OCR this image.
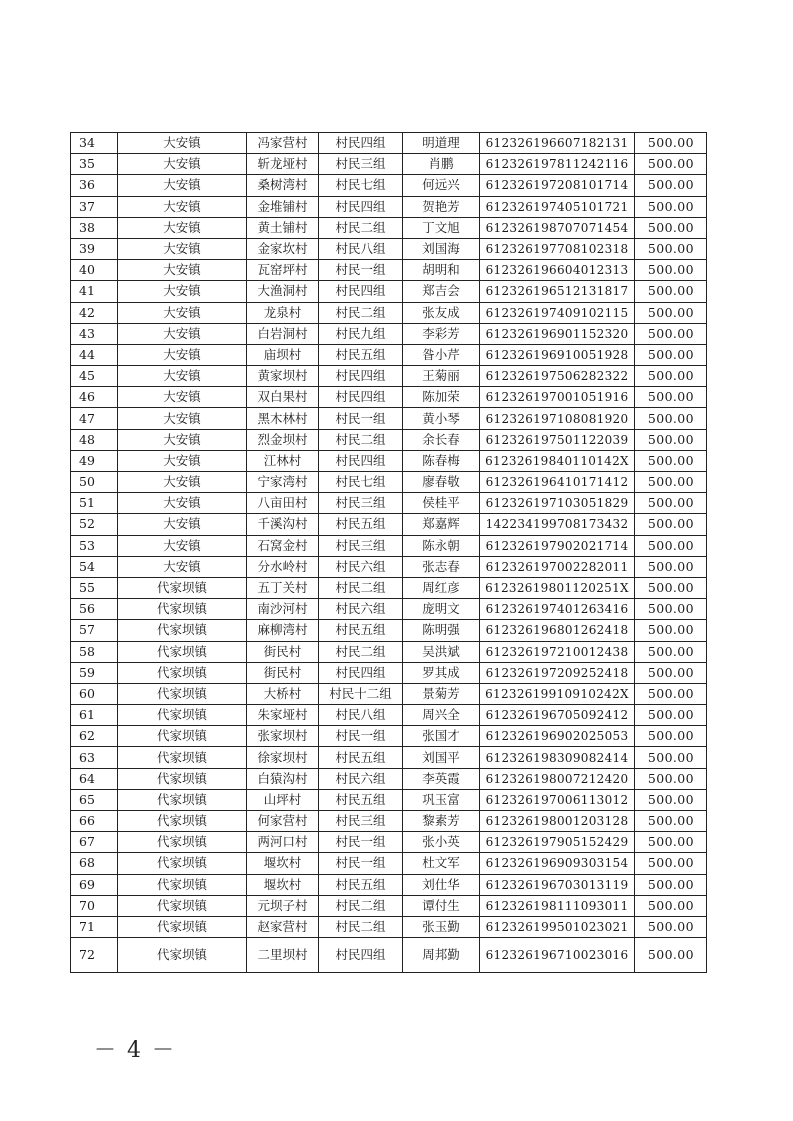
34	大安镇	冯家营村	村民四组	明道理	612326196607182131	500.00
35	大安镇	斩龙垭村	村民三组	肖鹏	612326197811242116	500.00
36	大安镇	桑树湾村	村民七组	何远兴	612326197208101714	500.00
37	大安镇	金堆铺村	村民四组	贺艳芳	612326197405101721	500.00
38	大安镇	黄土铺村	村民二组	丁文旭	612326198707071454	500.00
39	大安镇	金家坎村	村民八组	刘国海	612326197708102318	500.00
40	大安镇	瓦窑坪村	村民一组	胡明和	612326196604012313	500.00
41	大安镇	大渔洞村	村民四组	郑吉会	612326196512131817	500.00
42	大安镇	龙泉村	村民二组	张友成	612326197409102115	500.00
43	大安镇	白岩洞村	村民九组	李彩芳	612326196901152320	500.00
44	大安镇	庙坝村	村民五组	昝小芹	612326196910051928	500.00
45	大安镇	黄家坝村	村民四组	王菊丽	612326197506282322	500.00
46	大安镇	双白果村	村民四组	陈加荣	612326197001051916	500.00
47	大安镇	黑木林村	村民一组	黄小琴	612326197108081920	500.00
48	大安镇	烈金坝村	村民二组	余长春	612326197501122039	500.00
49	大安镇	江林村	村民四组	陈春梅	61232619840110142X	500.00
50	大安镇	宁家湾村	村民七组	廖春敬	612326196410171412	500.00
51	大安镇	八亩田村	村民三组	侯桂平	612326197103051829	500.00
52	大安镇	千溪沟村	村民五组	郑嘉辉	142234199708173432	500.00
53	大安镇	石窝金村	村民三组	陈永朝	612326197902021714	500.00
54	大安镇	分水岭村	村民六组	张志春	612326197002282011	500.00
55	代家坝镇	五丁关村	村民二组	周红彦	61232619801120251X	500.00
56	代家坝镇	南沙河村	村民六组	庞明文	612326197401263416	500.00
57	代家坝镇	麻柳湾村	村民五组	陈明强	612326196801262418	500.00
58	代家坝镇	街民村	村民二组	吴洪斌	612326197210012438	500.00
59	代家坝镇	街民村	村民四组	罗其成	612326197209252418	500.00
60	代家坝镇	大桥村	村民十二组	景菊芳	61232619910910242X	500.00
61	代家坝镇	朱家垭村	村民八组	周兴全	612326196705092412	500.00
62	代家坝镇	张家坝村	村民一组	张国才	612326196902025053	500.00
63	代家坝镇	徐家坝村	村民五组	刘国平	612326198309082414	500.00
64	代家坝镇	白猿沟村	村民六组	李英霞	612326198007212420	500.00
65	代家坝镇	山坪村	村民五组	巩玉富	612326197006113012	500.00
66	代家坝镇	何家营村	村民三组	黎素芳	612326198001203128	500.00
67	代家坝镇	两河口村	村民一组	张小英	612326197905152429	500.00
68	代家坝镇	堰坎村	村民一组	杜文军	612326196909303154	500.00
69	代家坝镇	堰坎村	村民五组	刘仕华	612326196703013119	500.00
70	代家坝镇	元坝子村	村民二组	谭付生	612326198111093011	500.00
71	代家坝镇	赵家营村	村民二组	张玉勤	612326199501023021	500.00
72	代家坝镇	二里坝村	村民四组	周邦勤	612326196710023016	500.00
－ 4 －
